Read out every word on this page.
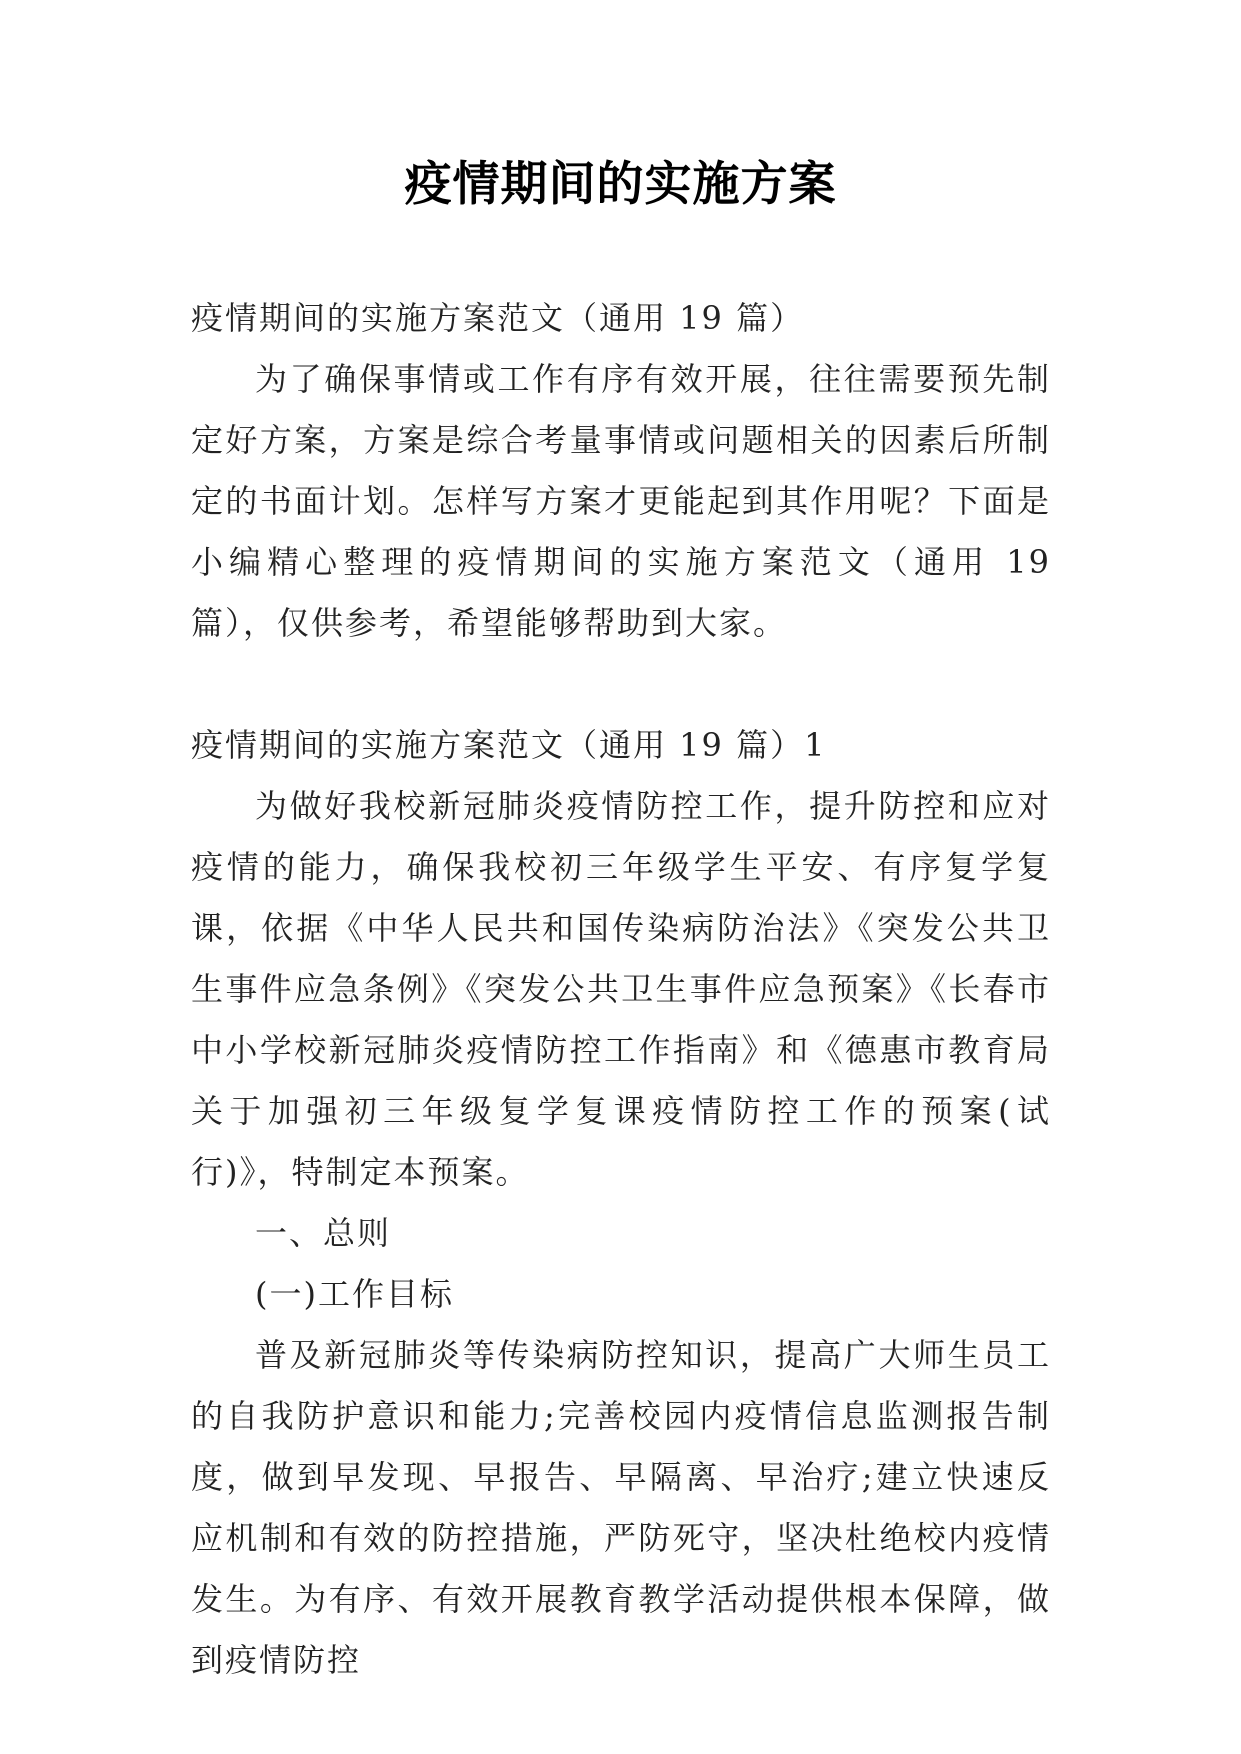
疫情期间的实施方案

疫情期间的实施方案范文（通用 19 篇）

为了确保事情或工作有序有效开展，往往需要预先制定好方案，方案是综合考量事情或问题相关的因素后所制定的书面计划。怎样写方案才更能起到其作用呢？下面是小编精心整理的疫情期间的实施方案范文（通用 19 篇），仅供参考，希望能够帮助到大家。

疫情期间的实施方案范文（通用 19 篇）1

为做好我校新冠肺炎疫情防控工作，提升防控和应对疫情的能力，确保我校初三年级学生平安、有序复学复课，依据《中华人民共和国传染病防治法》《突发公共卫生事件应急条例》《突发公共卫生事件应急预案》《长春市中小学校新冠肺炎疫情防控工作指南》和《德惠市教育局关于加强初三年级复学复课疫情防控工作的预案(试行)》，特制定本预案。

一、总则

(一)工作目标

普及新冠肺炎等传染病防控知识，提高广大师生员工的自我防护意识和能力;完善校园内疫情信息监测报告制度，做到早发现、早报告、早隔离、早治疗;建立快速反应机制和有效的防控措施，严防死守，坚决杜绝校内疫情发生。为有序、有效开展教育教学活动提供根本保障，做到疫情防控
